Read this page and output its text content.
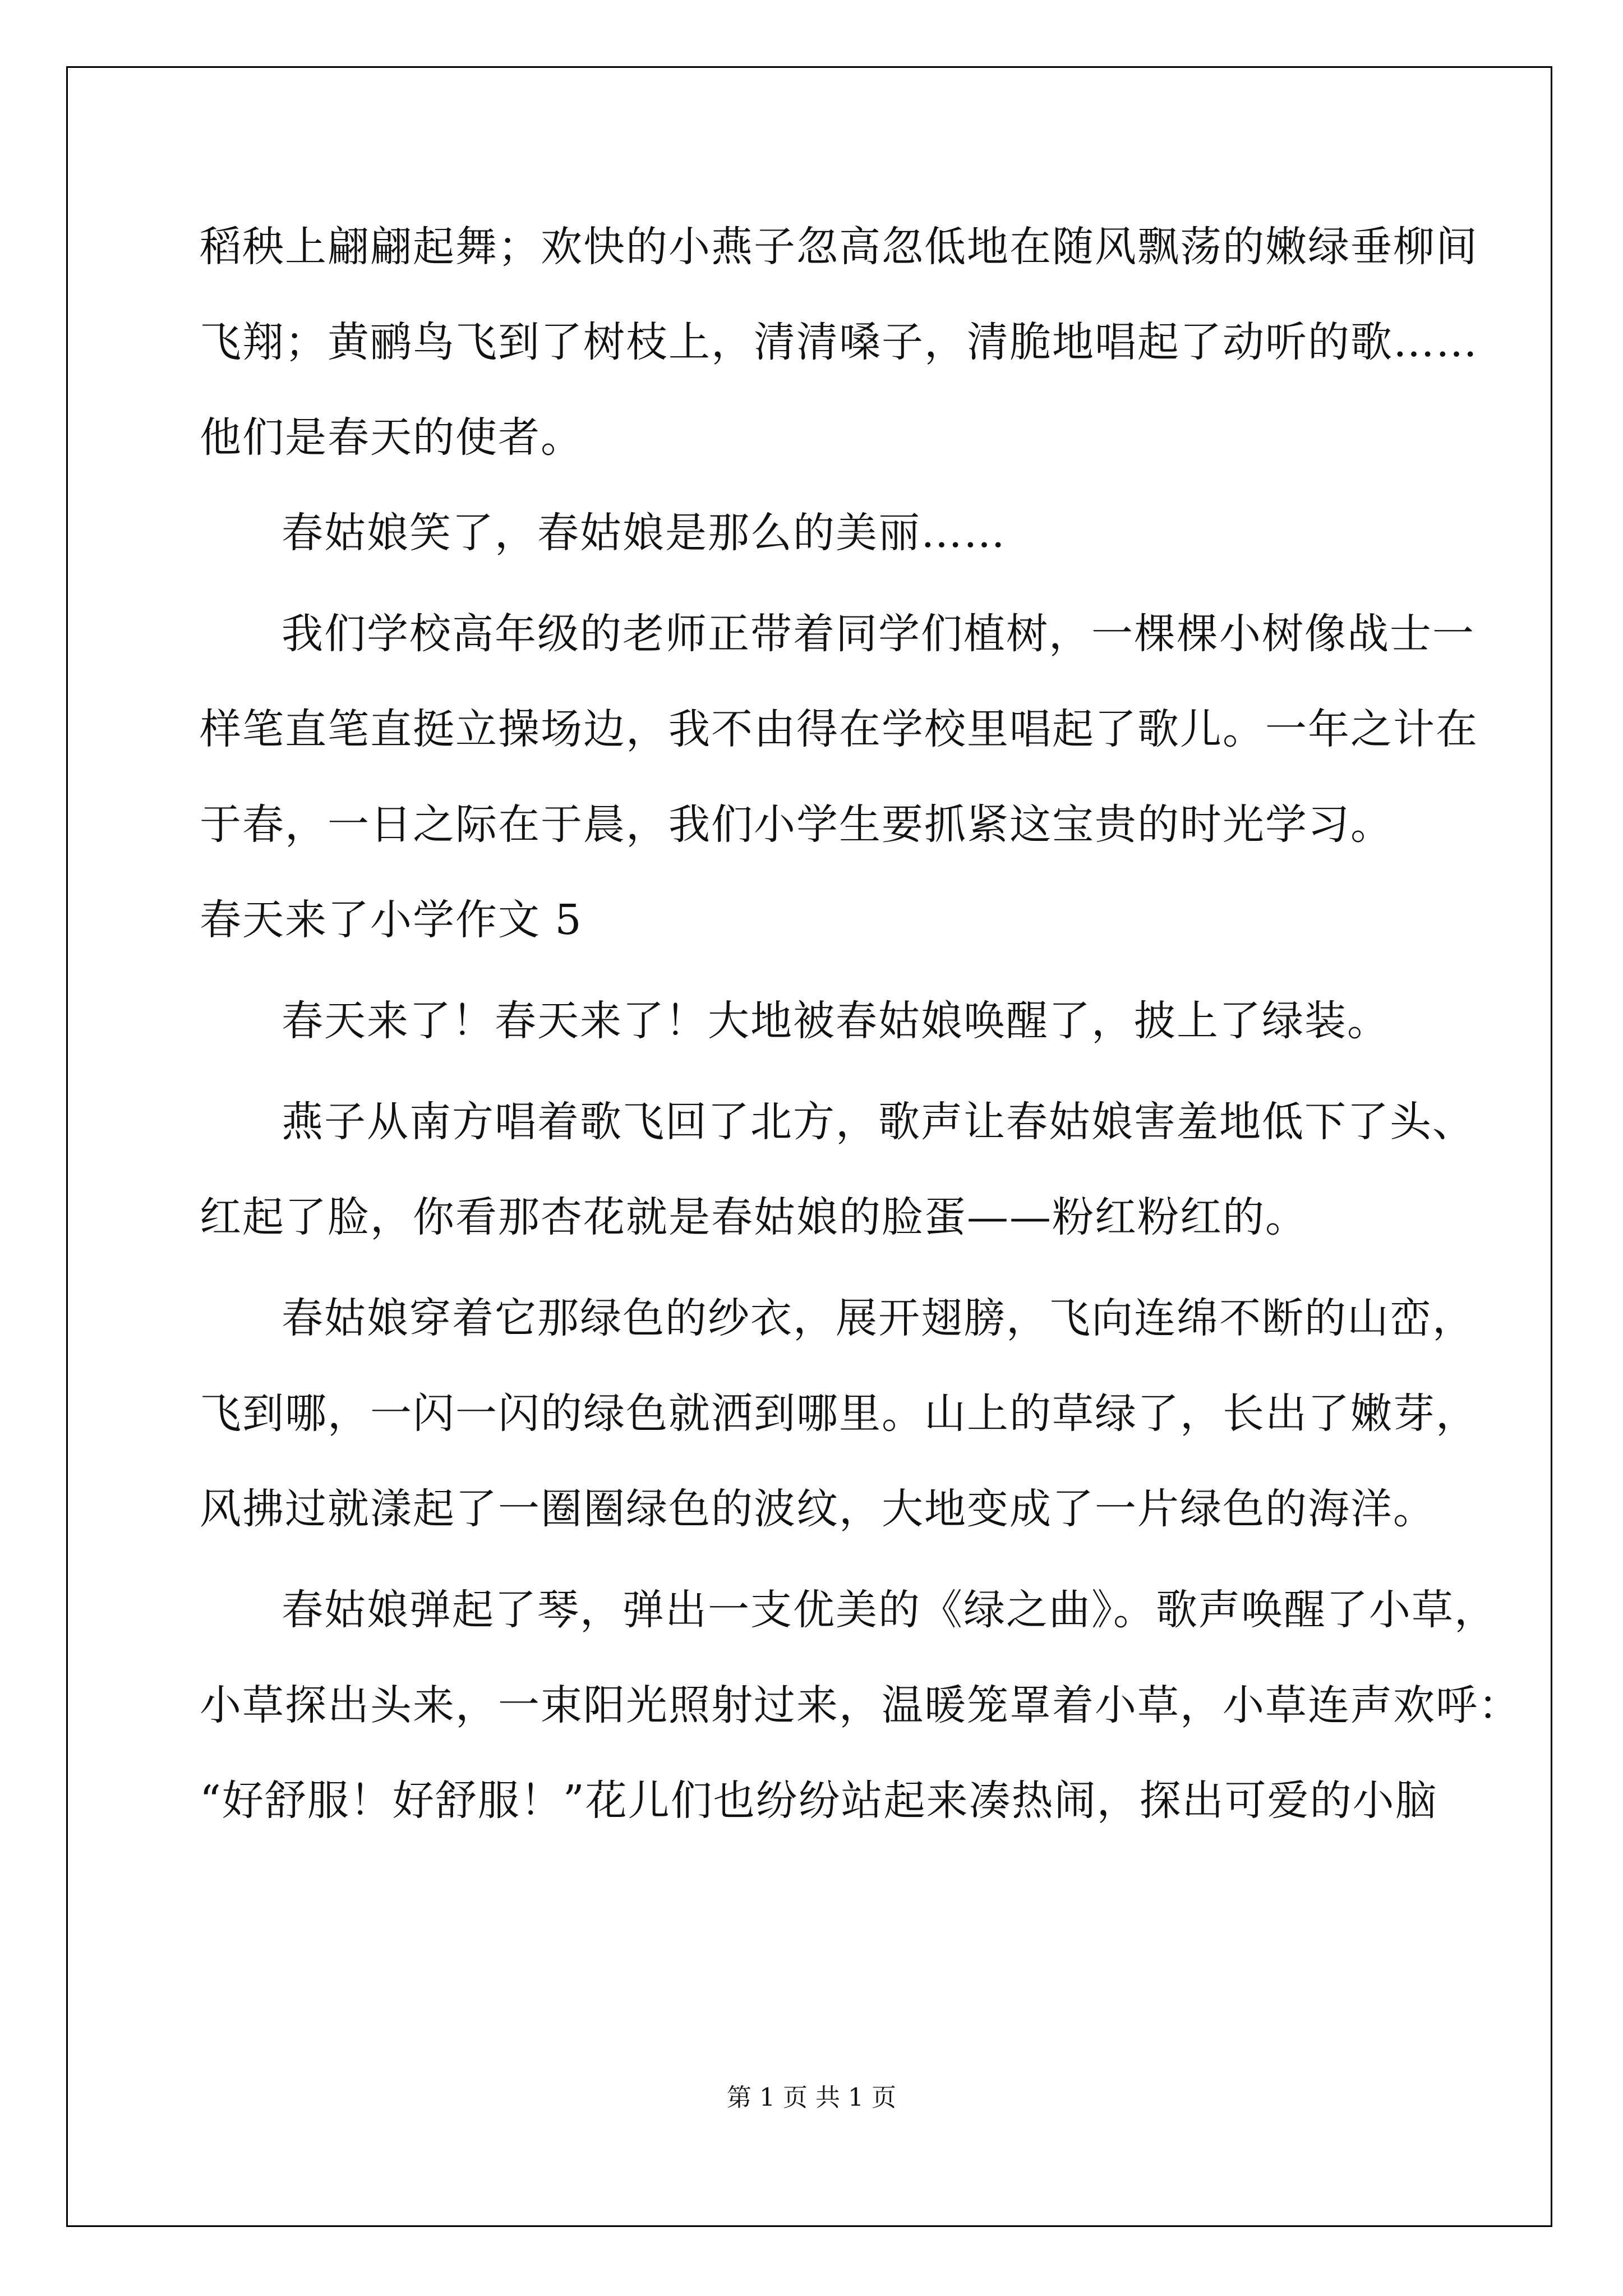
稻秧上翩翩起舞；欢快的小燕子忽高忽低地在随风飘荡的嫩绿垂柳间
飞翔；黄鹂鸟飞到了树枝上，清清嗓子，清脆地唱起了动听的歌……
他们是春天的使者。
春姑娘笑了，春姑娘是那么的美丽……
我们学校高年级的老师正带着同学们植树，一棵棵小树像战士一
样笔直笔直挺立操场边，我不由得在学校里唱起了歌儿。一年之计在
于春，一日之际在于晨，我们小学生要抓紧这宝贵的时光学习。
春天来了小学作文 5
春天来了！春天来了！大地被春姑娘唤醒了，披上了绿装。
燕子从南方唱着歌飞回了北方，歌声让春姑娘害羞地低下了头、
红起了脸，你看那杏花就是春姑娘的脸蛋——粉红粉红的。
春姑娘穿着它那绿色的纱衣，展开翅膀，飞向连绵不断的山峦，
飞到哪，一闪一闪的绿色就洒到哪里。山上的草绿了，长出了嫩芽，
风拂过就漾起了一圈圈绿色的波纹，大地变成了一片绿色的海洋。
春姑娘弹起了琴，弹出一支优美的《绿之曲》。歌声唤醒了小草，
小草探出头来，一束阳光照射过来，温暖笼罩着小草，小草连声欢呼：
“好舒服！好舒服！”花儿们也纷纷站起来凑热闹，探出可爱的小脑
第 1 页 共 1 页
